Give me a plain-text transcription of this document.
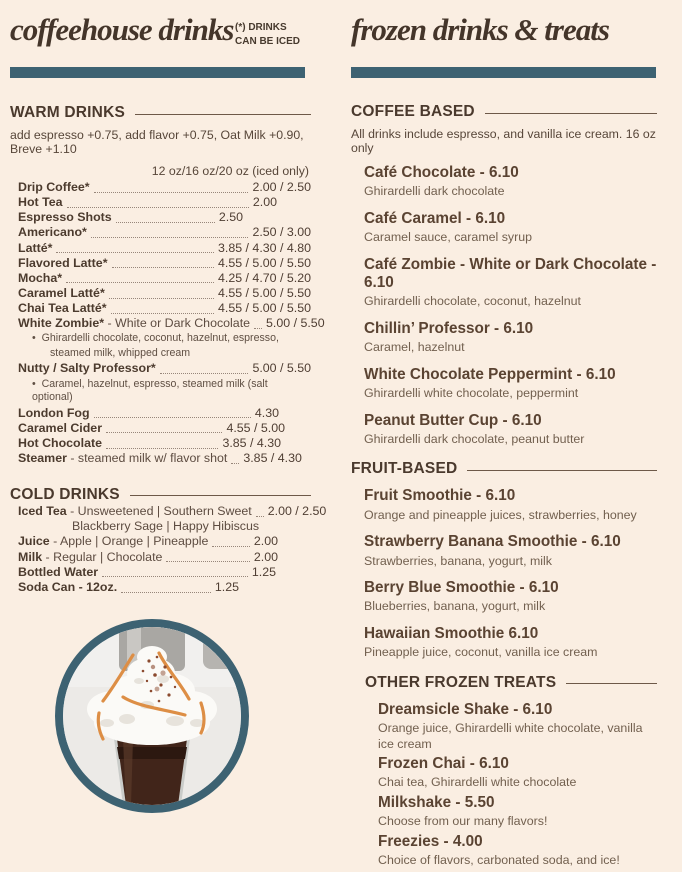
coffeehouse drinks (*) DRINKS
CAN BE ICED
WARM DRINKS

add espresso +0.75, add flavor +0.75, Oat Milk +0.90, Breve +1.10

12 oz/16 oz/20 oz (iced only)

Drip Coffee*	2.00 / 2.50
Hot Tea	2.00
Espresso Shots	2.50
Americano*	2.50 / 3.00
Latté*	3.85 / 4.30 / 4.80
Flavored Latte*	4.55 / 5.00 / 5.50
Mocha*	4.25 / 4.70 / 5.20
Caramel Latté*	4.55 / 5.00 / 5.50
Chai Tea Latté*	4.55 / 5.00 / 5.50
White Zombie* - White or Dark Chocolate 5.00 / 5.50
•  Ghirardelli chocolate, coconut, hazelnut, espresso,
steamed milk, whipped cream
Nutty / Salty Professor*	5.00 / 5.50
•  Caramel, hazelnut, espresso, steamed milk (salt optional)
London Fog	4.30
Caramel Cider	4.55 / 5.00
Hot Chocolate	3.85 / 4.30
Steamer - steamed milk w/ flavor shot 3.85 / 4.30
COLD DRINKS
Iced Tea - Unsweetened | Southern Sweet 2.00 / 2.50
Blackberry Sage | Happy Hibiscus
Juice - Apple | Orange | Pineapple	2.00
Milk - Regular | Chocolate	2.00
Bottled Water	1.25
Soda Can - 12oz.	1.25
frozen drinks & treats
COFFEE BASED

All drinks include espresso, and vanilla ice cream. 16 oz only

Café Chocolate - 6.10

Ghirardelli dark chocolate

Café Caramel - 6.10

Caramel sauce, caramel syrup

Café Zombie - White or Dark Chocolate - 6.10

Ghirardelli chocolate, coconut, hazelnut

Chillin’ Professor - 6.10

Caramel, hazelnut

White Chocolate Peppermint - 6.10

Ghirardelli white chocolate, peppermint

Peanut Butter Cup - 6.10

Ghirardelli dark chocolate, peanut butter

FRUIT-BASED
Fruit Smoothie - 6.10

Orange and pineapple juices, strawberries, honey

Strawberry Banana Smoothie - 6.10

Strawberries, banana, yogurt, milk

Berry Blue Smoothie - 6.10

Blueberries, banana, yogurt, milk

Hawaiian Smoothie 6.10

Pineapple juice, coconut, vanilla ice cream

OTHER FROZEN TREATS
Dreamsicle Shake - 6.10

Orange juice, Ghirardelli white chocolate, vanilla ice cream

Frozen Chai - 6.10

Chai tea, Ghirardelli white chocolate

Milkshake - 5.50

Choose from our many flavors!

Freezies - 4.00

Choice of flavors, carbonated soda, and ice!
